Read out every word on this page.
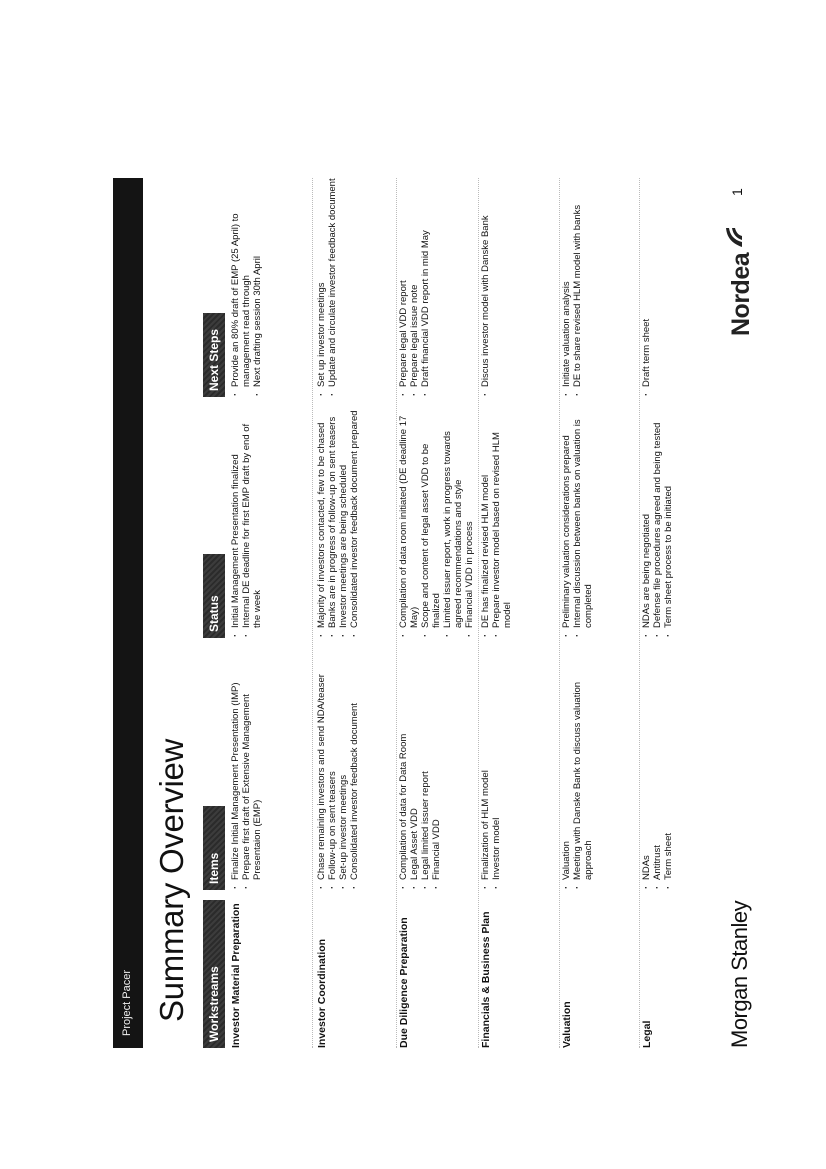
Project Pacer Summary Overview	Workstreams
Items
Status
Next Steps
Investor Material Preparation
· Finalize Initial Management Presentation (IMP) · Prepare first draft of Extensive Management Presentaion (EMP)
· Initial Management Presentation finalized · Internal DE deadline for first EMP draft by end of the week
· Provide an 80% draft of EMP (25 April) to management read through · Next drafting session 30th April
Investor Coordination
· Chase remaining investors and send NDA/teaser · Follow-up on sent teasers · Set-up investor meetings · Consolidated investor feedback document
· Majority of investors contacted, few to be chased · Banks are in progress of follow-up on sent teasers · Investor meetings are being scheduled · Consolidated investor feedback document prepared
· Set up investor meetings · Update and circulate investor feedback document
Due Diligence Preparation
· Compilation of data for Data Room · Legal Asset VDD · Legal limited issuer report · Financial VDD
· Compilation of data room initiated (DE deadline 17 May) · Scope and content of legal asset VDD to be finalized · Limited issuer report, work in progress towards agreed recommendations and style · Financial VDD in process
· Prepare legal VDD report · Prepare legal issue note · Draft financial VDD report in mid May
Financials & Business Plan
· Finalization of HLM model · Investor model
· DE has finalized revised HLM model · Prepare investor model based on revised HLM model
· Discus investor model with Danske Bank
Valuation
· Valuation · Meeting with Danske Bank to discuss valuation approach
· Preliminary valuation considerations prepared · Internal discussion between banks on valuation is completed
· Initiate valuation analysis · DE to share revised HLM model with banks
Legal
· NDAs · Antitrust · Term sheet
· NDAs are being negotiated · Defense file procedures agreed and being tested · Term sheet process to be initiated
· Draft term sheet
Morgan Stanley
Nordea
1
